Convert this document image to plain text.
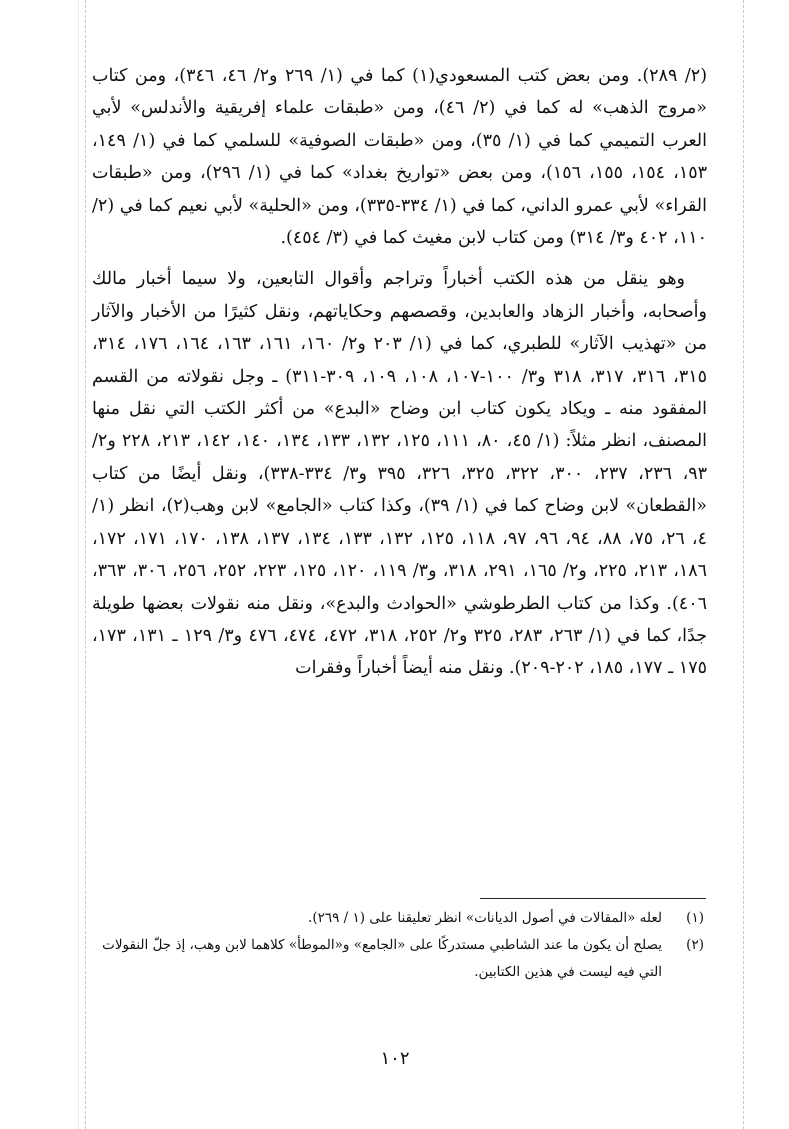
(٢/ ٢٨٩). ومن بعض كتب المسعودي(١) كما في (١/ ٢٦٩ و٢/ ٤٦، ٣٤٦)، ومن كتاب «مروج الذهب» له كما في (٢/ ٤٦)، ومن «طبقات علماء إفريقية والأندلس» لأبي العرب التميمي كما في (١/ ٣٥)، ومن «طبقات الصوفية» للسلمي كما في (١/ ١٤٩، ١٥٣، ١٥٤، ١٥٥، ١٥٦)، ومن بعض «تواريخ بغداد» كما في (١/ ٢٩٦)، ومن «طبقات القراء» لأبي عمرو الداني، كما في (١/ ٣٣٤-٣٣٥)، ومن «الحلية» لأبي نعيم كما في (٢/ ١١٠، ٤٠٢ و٣/ ٣١٤) ومن كتاب لابن مغيث كما في (٣/ ٤٥٤).

وهو ينقل من هذه الكتب أخباراً وتراجم وأقوال التابعين، ولا سيما أخبار مالك وأصحابه، وأخبار الزهاد والعابدين، وقصصهم وحكاياتهم، ونقل كثيرًا من الأخبار والآثار من «تهذيب الآثار» للطبري، كما في (١/ ٢٠٣ و٢/ ١٦٠، ١٦١، ١٦٣، ١٦٤، ١٧٦، ٣١٤، ٣١٥، ٣١٦، ٣١٧، ٣١٨ و٣/ ١٠٠-١٠٧، ١٠٨، ١٠٩، ٣٠٩-٣١١) ـ وجل نقولاته من القسم المفقود منه ـ ويكاد يكون كتاب ابن وضاح «البدع» من أكثر الكتب التي نقل منها المصنف، انظر مثلاً: (١/ ٤٥، ٨٠، ١١١، ١٢٥، ١٣٢، ١٣٣، ١٣٤، ١٤٠، ١٤٢، ٢١٣، ٢٢٨ و٢/ ٩٣، ٢٣٦، ٢٣٧، ٣٠٠، ٣٢٢، ٣٢٥، ٣٢٦، ٣٩٥ و٣/ ٣٣٤-٣٣٨)، ونقل أيضًا من كتاب «القطعان» لابن وضاح كما في (١/ ٣٩)، وكذا كتاب «الجامع» لابن وهب(٢)، انظر (١/ ٤، ٢٦، ٧٥، ٨٨، ٩٤، ٩٦، ٩٧، ١١٨، ١٢٥، ١٣٢، ١٣٣، ١٣٤، ١٣٧، ١٣٨، ١٧٠، ١٧١، ١٧٢، ١٨٦، ٢١٣، ٢٢٥، و٢/ ١٦٥، ٢٩١، ٣١٨، و٣/ ١١٩، ١٢٠، ١٢٥، ٢٢٣، ٢٥٢، ٢٥٦، ٣٠٦، ٣٦٣، ٤٠٦). وكذا من كتاب الطرطوشي «الحوادث والبدع»، ونقل منه نقولات بعضها طويلة جدًا، كما في (١/ ٢٦٣، ٢٨٣، ٣٢٥ و٢/ ٢٥٢، ٣١٨، ٤٧٢، ٤٧٤، ٤٧٦ و٣/ ١٢٩ ـ ١٣١، ١٧٣، ١٧٥ ـ ١٧٧، ١٨٥، ٢٠٢-٢٠٩). ونقل منه أيضاً أخباراً وفقرات

(١)
لعله «المقالات في أصول الديانات» انظر تعليقنا على (١ / ٢٦٩).

(٢)
يصلح أن يكون ما عند الشاطبي مستدركًا على «الجامع» و«الموطأ» كلاهما لابن وهب، إذ جلّ النقولات التي فيه ليست في هذين الكتابين.

١٠٢
